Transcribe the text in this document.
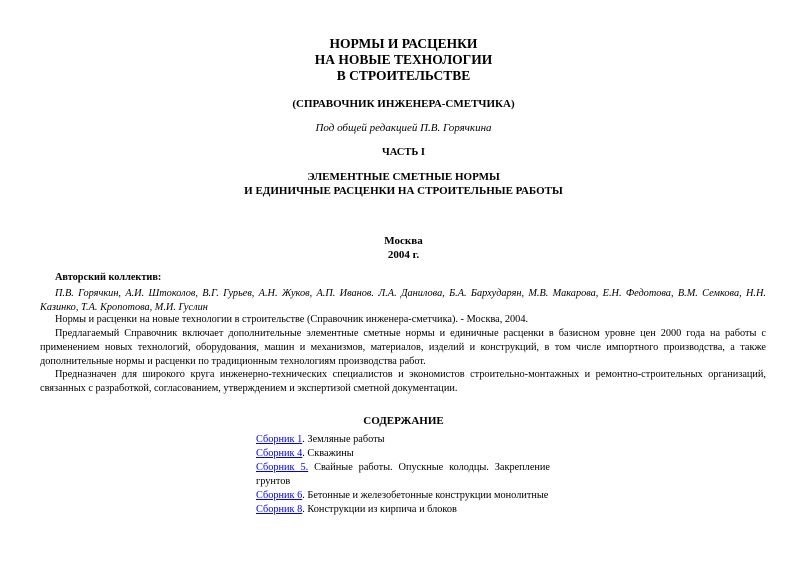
НОРМЫ И РАСЦЕНКИ
НА НОВЫЕ ТЕХНОЛОГИИ
В СТРОИТЕЛЬСТВЕ
(СПРАВОЧНИК ИНЖЕНЕРА-СМЕТЧИКА)
Под общей редакцией П.В. Горячкина
ЧАСТЬ I
ЭЛЕМЕНТНЫЕ СМЕТНЫЕ НОРМЫ
И ЕДИНИЧНЫЕ РАСЦЕНКИ НА СТРОИТЕЛЬНЫЕ РАБОТЫ
Москва
2004 г.
Авторский коллектив:
П.В. Горячкин, А.И. Штоколов, В.Г. Гурьев, А.Н. Жуков, А.П. Иванов. Л.А. Данилова, Б.А. Бархударян, М.В. Макарова, Е.Н. Федотова, В.М. Семкова, Н.Н. Казинко, Т.А. Кропотова, М.И. Гуслин
Нормы и расценки на новые технологии в строительстве (Справочник инженера-сметчика). - Москва, 2004.
Предлагаемый Справочник включает дополнительные элементные сметные нормы и единичные расценки в базисном уровне цен 2000 года на работы с применением новых технологий, оборудования, машин и механизмов, материалов, изделий и конструкций, в том числе импортного производства, а также дополнительные нормы и расценки по традиционным технологиям производства работ.
Предназначен для широкого круга инженерно-технических специалистов и экономистов строительно-монтажных и ремонтно-строительных организаций, связанных с разработкой, согласованием, утверждением и экспертизой сметной документации.
СОДЕРЖАНИЕ

Сборник 1. Земляные работы

Сборник 4. Скважины

Сборник 5. Свайные работы. Опускные колодцы. Закрепление грунтов

Сборник 6. Бетонные и железобетонные конструкции монолитные

Сборник 8. Конструкции из кирпича и блоков
